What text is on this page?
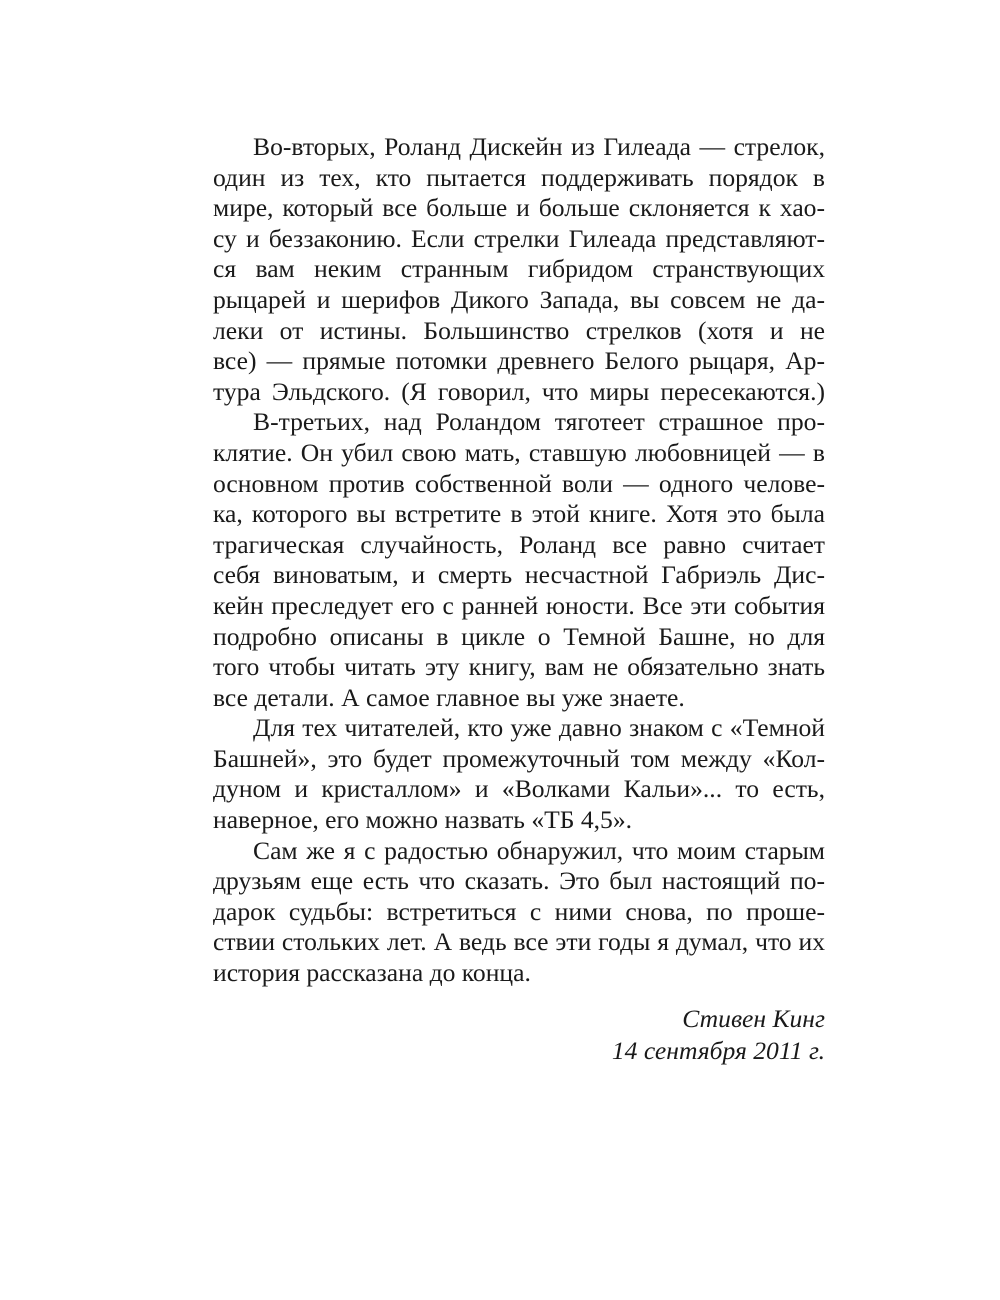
Во-вторых, Роланд Дискейн из Гилеада — стрелок,
один из тех, кто пытается поддерживать порядок в
мире, который все больше и больше склоняется к хао-
су и беззаконию. Если стрелки Гилеада представляют-
ся вам неким странным гибридом странствующих
рыцарей и шерифов Дикого Запада, вы совсем не да-
леки от истины. Большинство стрелков (хотя и не
все) — прямые потомки древнего Белого рыцаря, Ар-
тура Эльдского. (Я говорил, что миры пересекаются.)

В-третьих, над Роландом тяготеет страшное про-
клятие. Он убил свою мать, ставшую любовницей — в
основном против собственной воли — одного челове-
ка, которого вы встретите в этой книге. Хотя это была
трагическая случайность, Роланд все равно считает
себя виноватым, и смерть несчастной Габриэль Дис-
кейн преследует его с ранней юности. Все эти события
подробно описаны в цикле о Темной Башне, но для
того чтобы читать эту книгу, вам не обязательно знать
все детали. А самое главное вы уже знаете.

Для тех читателей, кто уже давно знаком с «Темной
Башней», это будет промежуточный том между «Кол-
дуном и кристаллом» и «Волками Кальи»... то есть,
наверное, его можно назвать «ТБ 4,5».

Сам же я с радостью обнаружил, что моим старым
друзьям еще есть что сказать. Это был настоящий по-
дарок судьбы: встретиться с ними снова, по проше-
ствии стольких лет. А ведь все эти годы я думал, что их
история рассказана до конца.

Стивен Кинг
14 сентября 2011 г.
